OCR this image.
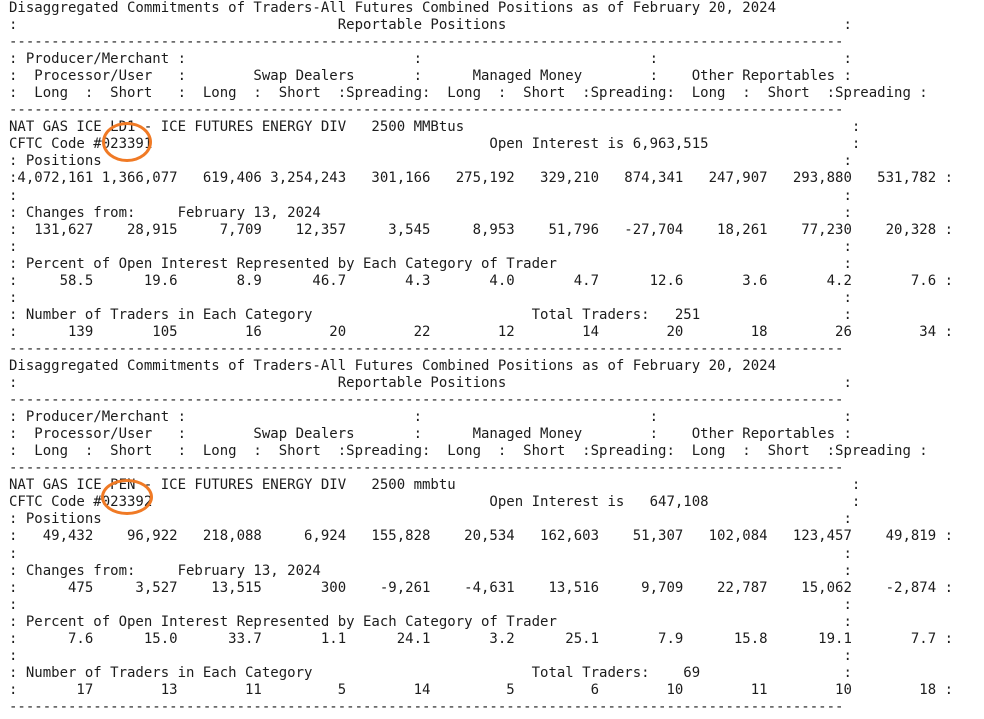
Disaggregated Commitments of Traders-All Futures Combined Positions as of February 20, 2024
:                                      Reportable Positions                                        :
---------------------------------------------------------------------------------------------------
: Producer/Merchant :                           :                           :                      :
:  Processor/User   :        Swap Dealers       :      Managed Money        :    Other Reportables :
:  Long  :  Short   :  Long  :  Short  :Spreading:  Long  :  Short  :Spreading:  Long  :  Short  :Spreading :
---------------------------------------------------------------------------------------------------
NAT GAS ICE LD1 - ICE FUTURES ENERGY DIV   2500 MMBtus                                              :
CFTC Code #023391                                        Open Interest is 6,963,515                 :
: Positions                                                                                        :
:4,072,161 1,366,077   619,406 3,254,243   301,166   275,192   329,210   874,341   247,907   293,880   531,782 :
:                                                                                                  :
: Changes from:     February 13, 2024                                                              :
:  131,627    28,915     7,709    12,357     3,545     8,953    51,796   -27,704    18,261    77,230    20,328 :
:                                                                                                  :
: Percent of Open Interest Represented by Each Category of Trader                                  :
:     58.5      19.6       8.9      46.7       4.3       4.0       4.7      12.6       3.6       4.2       7.6 :
:                                                                                                  :
: Number of Traders in Each Category                          Total Traders:   251                 :
:      139       105        16        20        22        12        14        20        18        26        34 :
---------------------------------------------------------------------------------------------------
Disaggregated Commitments of Traders-All Futures Combined Positions as of February 20, 2024
:                                      Reportable Positions                                        :
---------------------------------------------------------------------------------------------------
: Producer/Merchant :                           :                           :                      :
:  Processor/User   :        Swap Dealers       :      Managed Money        :    Other Reportables :
:  Long  :  Short   :  Long  :  Short  :Spreading:  Long  :  Short  :Spreading:  Long  :  Short  :Spreading :
---------------------------------------------------------------------------------------------------
NAT GAS ICE PEN - ICE FUTURES ENERGY DIV   2500 mmbtu                                               :
CFTC Code #023392                                        Open Interest is   647,108                 :
: Positions                                                                                        :
:   49,432    96,922   218,088     6,924   155,828    20,534   162,603    51,307   102,084   123,457    49,819 :
:                                                                                                  :
: Changes from:     February 13, 2024                                                              :
:      475     3,527    13,515       300    -9,261    -4,631    13,516     9,709    22,787    15,062    -2,874 :
:                                                                                                  :
: Percent of Open Interest Represented by Each Category of Trader                                  :
:      7.6      15.0      33.7       1.1      24.1       3.2      25.1       7.9      15.8      19.1       7.7 :
:                                                                                                  :
: Number of Traders in Each Category                          Total Traders:    69                 :
:       17        13        11         5        14         5         6        10        11        10        18 :
---------------------------------------------------------------------------------------------------
